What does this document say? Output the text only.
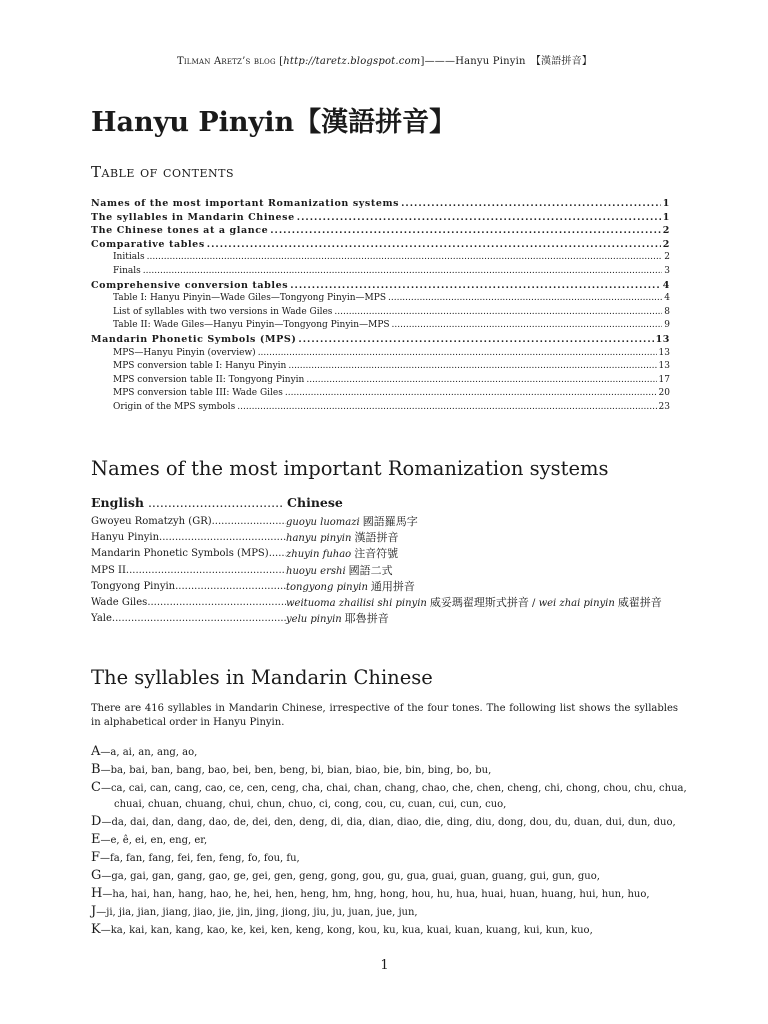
Tilman Aretz’s blog [http://taretz.blogspot.com]———Hanyu Pinyin　【漢語拼音】
Hanyu Pinyin【漢語拼音】
Table of contents
Names of the most important Romanization systems .....	1
The syllables in Mandarin Chinese .....	1
The Chinese tones at a glance .....	2
Comparative tables .....	2
Initials .....	2
Finals .....	3
Comprehensive conversion tables .....	4
Table I: Hanyu Pinyin—Wade Giles—Tongyong Pinyin—MPS .....	4
List of syllables with two versions in Wade Giles .....	8
Table II: Wade Giles—Hanyu Pinyin—Tongyong Pinyin—MPS .....	9
Mandarin Phonetic Symbols (MPS) .....	13
MPS—Hanyu Pinyin (overview) .....	13
MPS conversion table I: Hanyu Pinyin .....	13
MPS conversion table II: Tongyong Pinyin .....	17
MPS conversion table III: Wade Giles .....	20
Origin of the MPS symbols .....	23
Names of the most important Romanization systems
English .................................. Chinese
Gwoyeu Romatzyh (GR) .....	guoyu luomazi 國語羅馬字
Hanyu Pinyin .....	hanyu pinyin 漢語拼音
Mandarin Phonetic Symbols (MPS) ..... zhuyin fuhao 注音符號
MPS II .....	huoyu ershi 國語二式
Tongyong Pinyin .....	tongyong pinyin 通用拼音
Wade Giles .....	weituoma zhailisi shi pinyin 威妥瑪翟理斯式拼音 / wei zhai pinyin 威翟拼音
Yale .....	yelu pinyin 耶魯拼音
The syllables in Mandarin Chinese

There are 416 syllables in Mandarin Chinese, irrespective of the four tones. The following list shows the syllables in alphabetical order in Hanyu Pinyin.

A—a, ai, an, ang, ao,
B—ba, bai, ban, bang, bao, bei, ben, beng, bi, bian, biao, bie, bin, bing, bo, bu,
C—ca, cai, can, cang, cao, ce, cen, ceng, cha, chai, chan, chang, chao, che, chen, cheng, chi, chong, chou, chu, chua,
chuai, chuan, chuang, chui, chun, chuo, ci, cong, cou, cu, cuan, cui, cun, cuo,
D—da, dai, dan, dang, dao, de, dei, den, deng, di, dia, dian, diao, die, ding, diu, dong, dou, du, duan, dui, dun, duo,
E—e, ê, ei, en, eng, er,
F—fa, fan, fang, fei, fen, feng, fo, fou, fu,
G—ga, gai, gan, gang, gao, ge, gei, gen, geng, gong, gou, gu, gua, guai, guan, guang, gui, gun, guo,
H—ha, hai, han, hang, hao, he, hei, hen, heng, hm, hng, hong, hou, hu, hua, huai, huan, huang, hui, hun, huo,
J—ji, jia, jian, jiang, jiao, jie, jin, jing, jiong, jiu, ju, juan, jue, jun,
K—ka, kai, kan, kang, kao, ke, kei, ken, keng, kong, kou, ku, kua, kuai, kuan, kuang, kui, kun, kuo,
1
